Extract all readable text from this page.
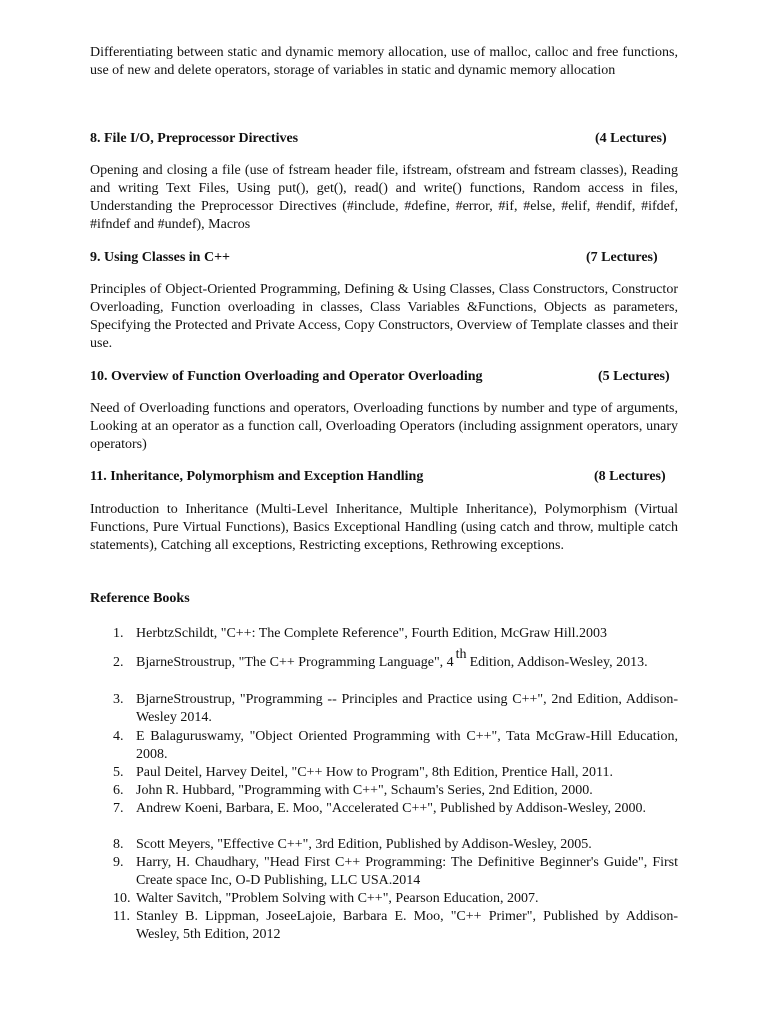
Differentiating between static and dynamic memory allocation, use of malloc, calloc and free functions, use of new and delete operators, storage of variables in static and dynamic memory allocation

8. File I/O, Preprocessor Directives	(4 Lectures)

Opening and closing a file (use of fstream header file, ifstream, ofstream and fstream classes), Reading and writing Text Files, Using put(), get(), read() and write() functions, Random access in files, Understanding the Preprocessor Directives (#include, #define, #error, #if, #else, #elif, #endif, #ifdef, #ifndef and #undef), Macros

9. Using Classes in C++	(7 Lectures)

Principles of Object-Oriented Programming, Defining & Using Classes, Class Constructors, Constructor Overloading, Function overloading in classes, Class Variables &Functions, Objects as parameters, Specifying the Protected and Private Access, Copy Constructors, Overview of Template classes and their use.

10. Overview of Function Overloading and Operator Overloading	(5 Lectures)

Need of Overloading functions and operators, Overloading functions by number and type of arguments, Looking at an operator as a function call, Overloading Operators (including assignment operators, unary operators)

11. Inheritance, Polymorphism and Exception Handling	(8 Lectures)

Introduction to Inheritance (Multi-Level Inheritance, Multiple Inheritance), Polymorphism (Virtual Functions, Pure Virtual Functions), Basics Exceptional Handling (using catch and throw, multiple catch statements), Catching all exceptions, Restricting exceptions, Rethrowing exceptions.

Reference Books

1. HerbtzSchildt, "C++: The Complete Reference", Fourth Edition, McGraw Hill.2003
2. BjarneStroustrup, "The C++ Programming Language", 4thEdition, Addison-Wesley, 2013.
3. BjarneStroustrup, "Programming -- Principles and Practice using C++", 2nd Edition, Addison-Wesley 2014.
4. E Balaguruswamy, "Object Oriented Programming with C++", Tata McGraw-Hill Education, 2008.
5. Paul Deitel, Harvey Deitel, "C++ How to Program", 8th Edition, Prentice Hall, 2011.
6. John R. Hubbard, "Programming with C++", Schaum's Series, 2nd Edition, 2000.
7. Andrew Koeni, Barbara, E. Moo, "Accelerated C++", Published by Addison-Wesley, 2000.
8. Scott Meyers, "Effective C++", 3rd Edition, Published by Addison-Wesley, 2005.
9. Harry, H. Chaudhary, "Head First C++ Programming: The Definitive Beginner's Guide", First Create space Inc, O-D Publishing, LLC USA.2014
10. Walter Savitch, "Problem Solving with C++", Pearson Education, 2007.
11. Stanley B. Lippman, JoseeLajoie, Barbara E. Moo, "C++ Primer", Published by Addison-Wesley, 5th Edition, 2012
